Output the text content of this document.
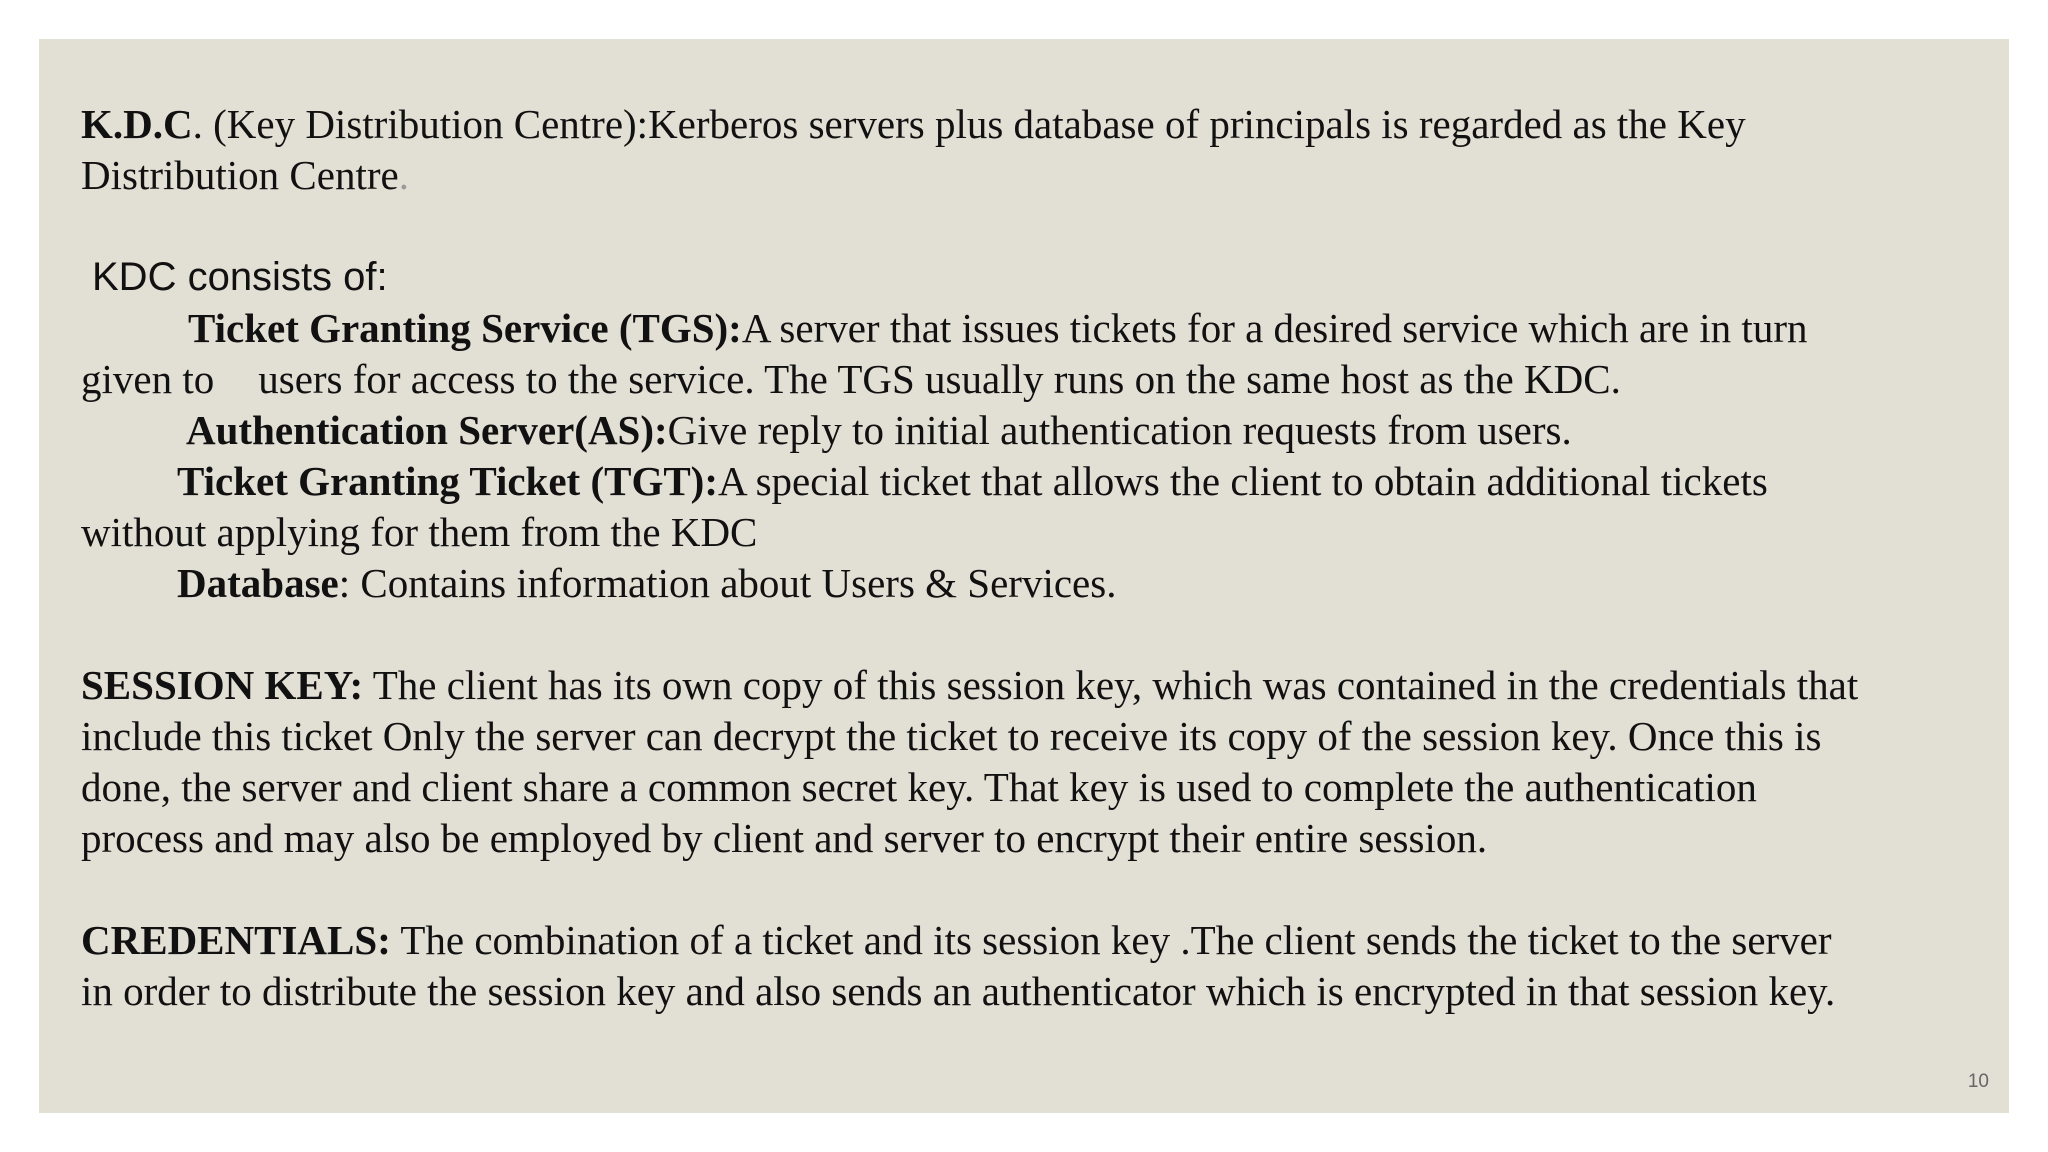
K.D.C. (Key Distribution Centre):Kerberos servers plus database of principals is regarded as the Key
Distribution Centre.
KDC consists of:
Ticket Granting Service (TGS):A server that issues tickets for a desired service which are in turn
given to users for access to the service. The TGS usually runs on the same host as the KDC.
Authentication Server(AS):Give reply to initial authentication requests from users.
Ticket Granting Ticket (TGT):A special ticket that allows the client to obtain additional tickets
without applying for them from the KDC
Database: Contains information about Users & Services.
SESSION KEY: The client has its own copy of this session key, which was contained in the credentials that
include this ticket Only the server can decrypt the ticket to receive its copy of the session key. Once this is
done, the server and client share a common secret key. That key is used to complete the authentication
process and may also be employed by client and server to encrypt their entire session.
CREDENTIALS: The combination of a ticket and its session key .The client sends the ticket to the server
in order to distribute the session key and also sends an authenticator which is encrypted in that session key.
10
